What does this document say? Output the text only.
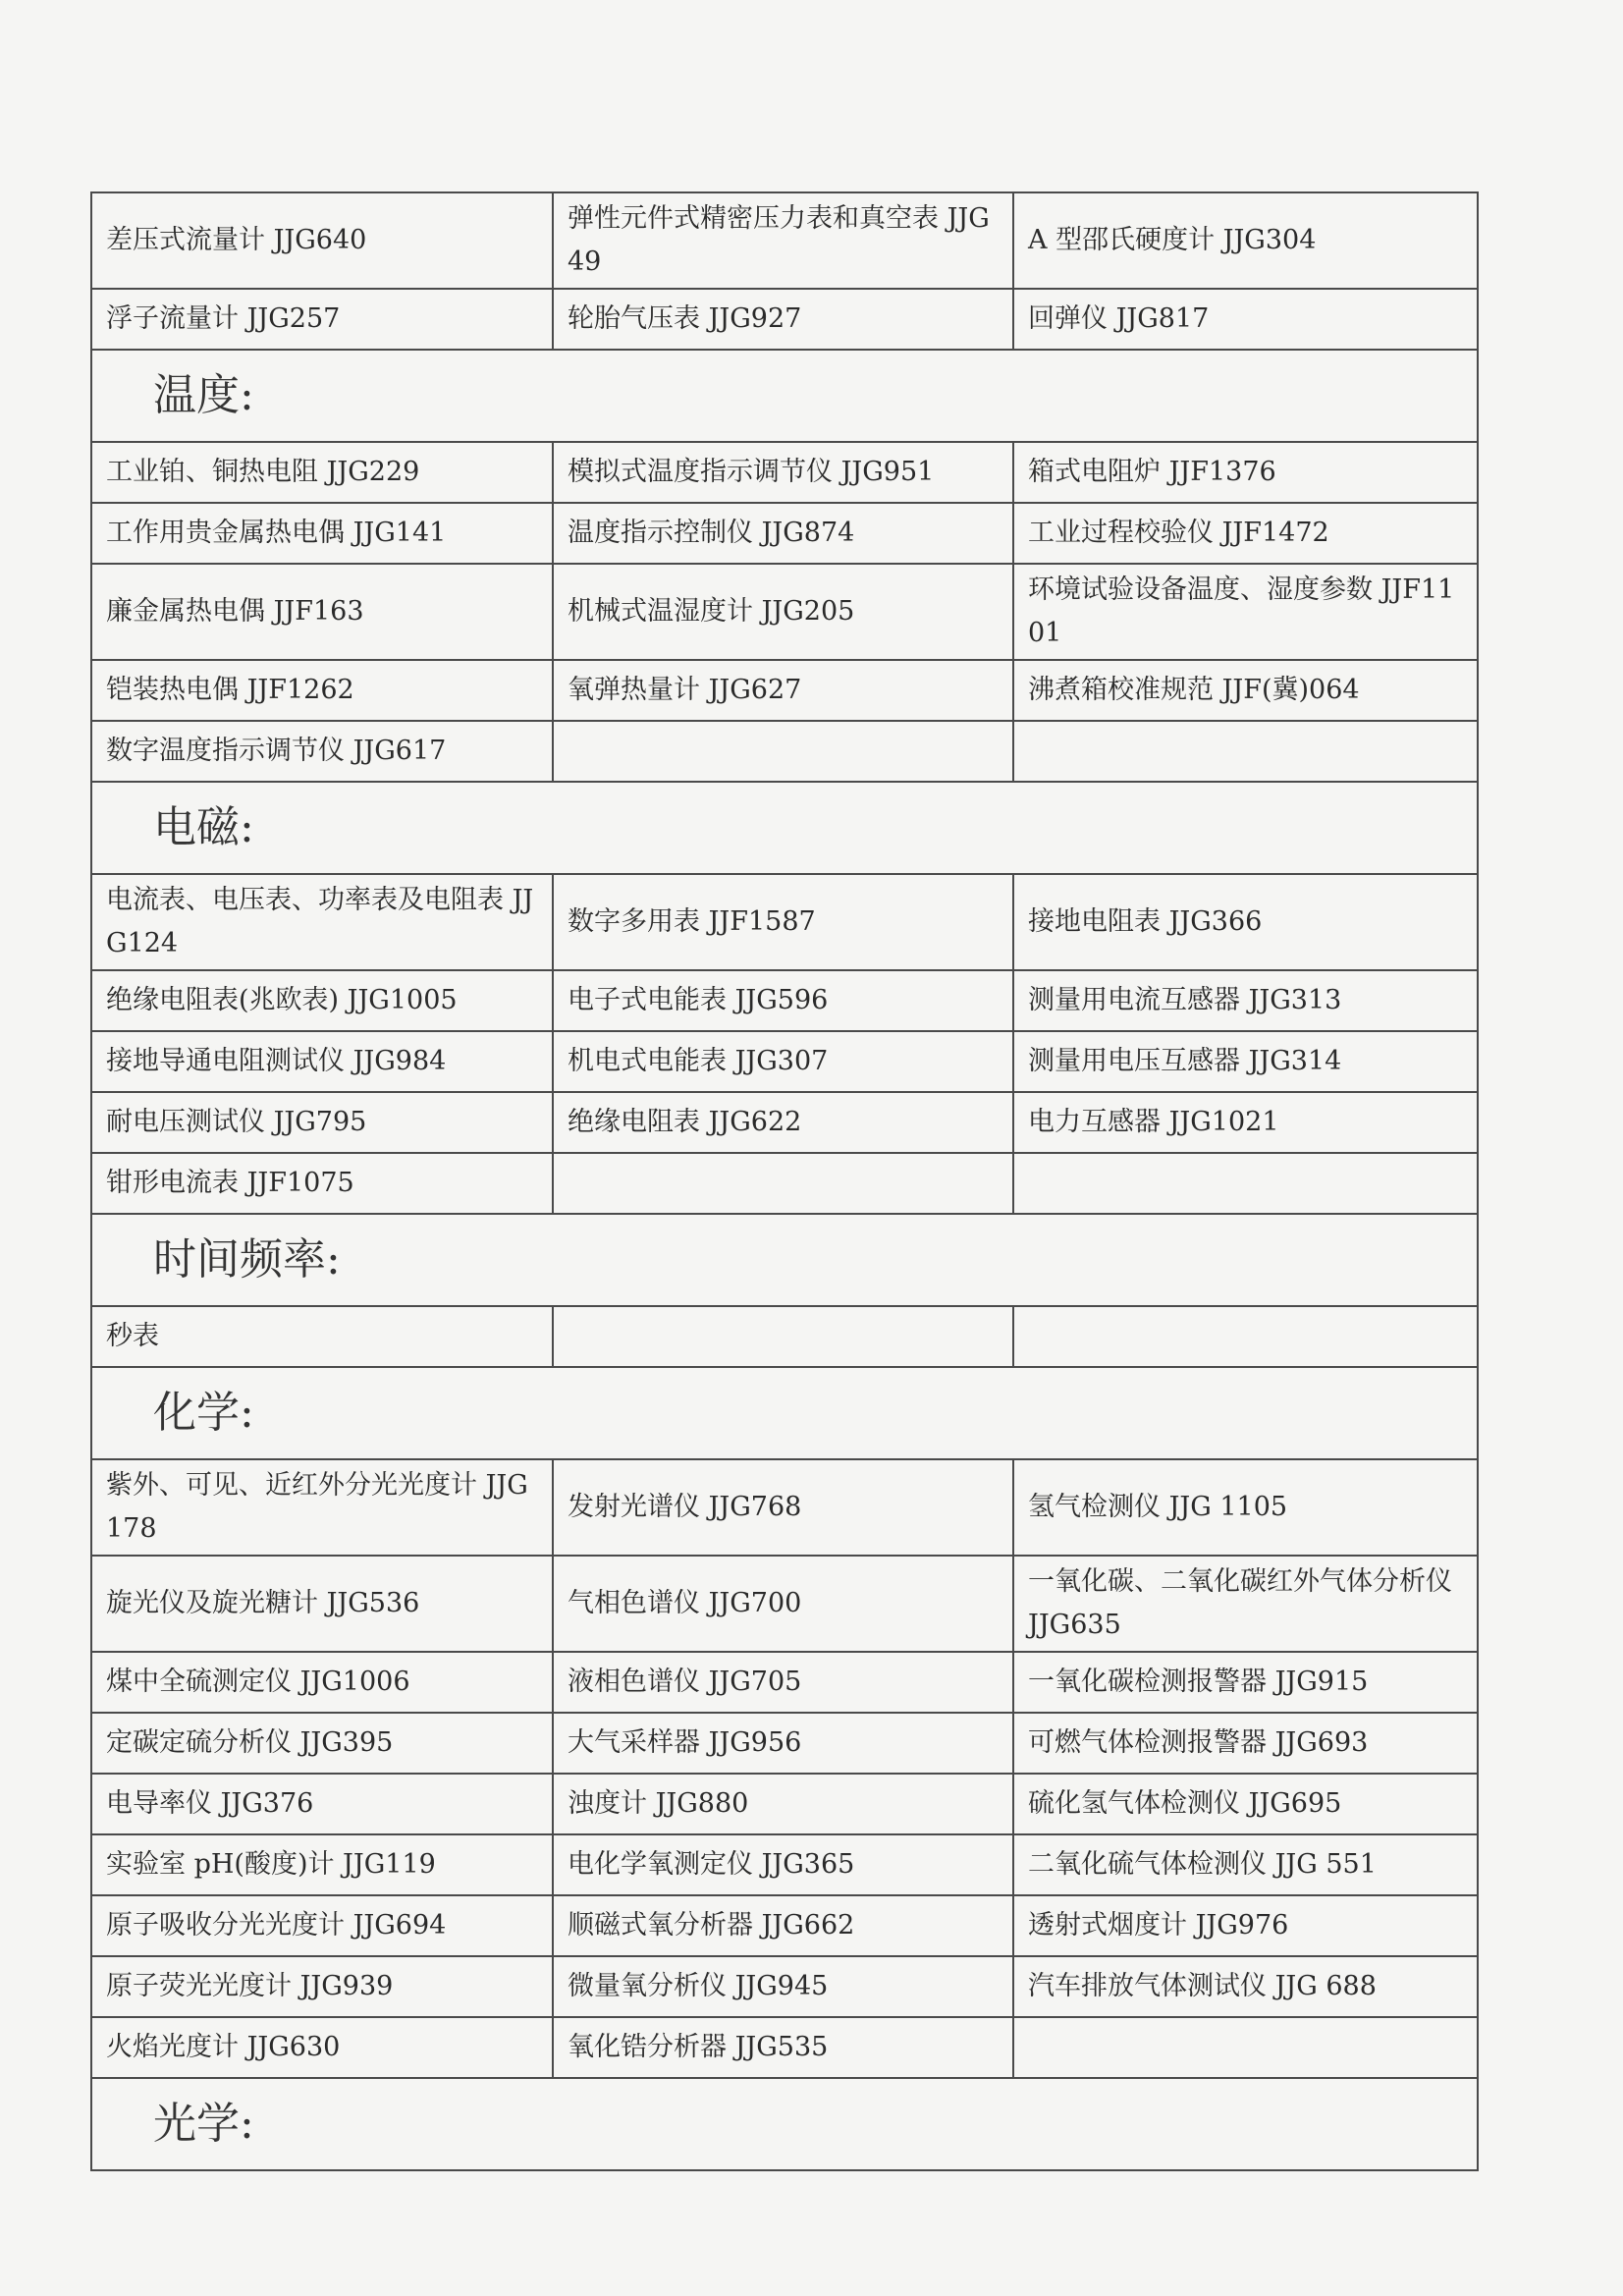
差压式流量计 JJG640	弹性元件式精密压力表和真空表 JJG 49	A 型邵氏硬度计 JJG304
浮子流量计 JJG257	轮胎气压表 JJG927	回弹仪 JJG817
温度:		
工业铂、铜热电阻 JJG229	模拟式温度指示调节仪 JJG951	箱式电阻炉 JJF1376
工作用贵金属热电偶 JJG141	温度指示控制仪 JJG874	工业过程校验仪 JJF1472
廉金属热电偶 JJF163	机械式温湿度计 JJG205	环境试验设备温度、湿度参数 JJF1101
铠装热电偶 JJF1262	氧弹热量计 JJG627	沸煮箱校准规范 JJF(冀)064
数字温度指示调节仪 JJG617		
电磁:		
电流表、电压表、功率表及电阻表 JJG124	数字多用表 JJF1587	接地电阻表 JJG366
绝缘电阻表(兆欧表) JJG1005	电子式电能表 JJG596	测量用电流互感器 JJG313
接地导通电阻测试仪 JJG984	机电式电能表 JJG307	测量用电压互感器 JJG314
耐电压测试仪 JJG795	绝缘电阻表 JJG622	电力互感器 JJG1021
钳形电流表 JJF1075		
时间频率:		
秒表		
化学:		
紫外、可见、近红外分光光度计 JJG178	发射光谱仪 JJG768	氢气检测仪 JJG 1105
旋光仪及旋光糖计 JJG536	气相色谱仪 JJG700	一氧化碳、二氧化碳红外气体分析仪 JJG635
煤中全硫测定仪 JJG1006	液相色谱仪 JJG705	一氧化碳检测报警器 JJG915
定碳定硫分析仪 JJG395	大气采样器 JJG956	可燃气体检测报警器 JJG693
电导率仪 JJG376	浊度计 JJG880	硫化氢气体检测仪 JJG695
实验室 pH(酸度)计 JJG119	电化学氧测定仪 JJG365	二氧化硫气体检测仪 JJG 551
原子吸收分光光度计 JJG694	顺磁式氧分析器 JJG662	透射式烟度计 JJG976
原子荧光光度计 JJG939	微量氧分析仪 JJG945	汽车排放气体测试仪 JJG 688
火焰光度计 JJG630	氧化锆分析器 JJG535	
光学:		
